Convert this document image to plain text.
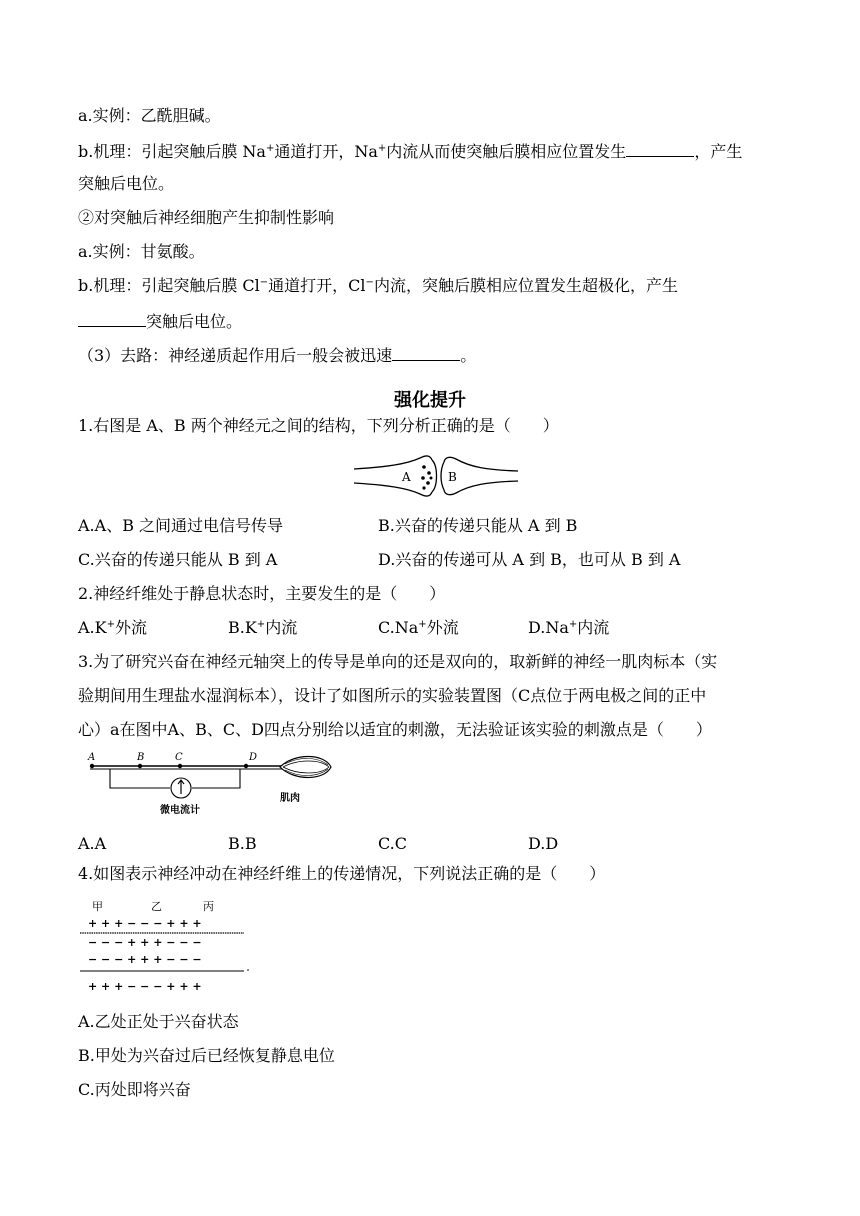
a.实例：乙酰胆碱。
b.机理：引起突触后膜 Na+通道打开，Na+内流从而使突触后膜相应位置发生	，产生
突触后电位。
②对突触后神经细胞产生抑制性影响
a.实例：甘氨酸。
b.机理：引起突触后膜 Cl−通道打开，Cl−内流，突触后膜相应位置发生超极化，产生
突触后电位。
（3）去路：神经递质起作用后一般会被迅速	。
强化提升
1.右图是 A、B 两个神经元之间的结构，下列分析正确的是（　　）
A	B
A.A、B 之间通过电信号传导	B.兴奋的传递只能从 A 到 B
C.兴奋的传递只能从 B 到 A	D.兴奋的传递可从 A 到 B，也可从 B 到 A
2.神经纤维处于静息状态时，主要发生的是（　　）
A.K+外流	B.K+内流	C.Na+外流	D.Na+内流
3.为了研究兴奋在神经元轴突上的传导是单向的还是双向的，取新鲜的神经一肌肉标本（实
验期间用生理盐水湿润标本），设计了如图所示的实验装置图（C点位于两电极之间的正中
心）a在图中A、B、C、D四点分别给以适宜的刺激，无法验证该实验的刺激点是（　　）
A	B	C	D
微电流计
肌肉
A.A	B.B	C.C	D.D
4.如图表示神经冲动在神经纤维上的传递情况，下列说法正确的是（　　）
甲	乙	丙
+ + + − − − + + +
− − − + + + − − −
− − − + + + − − −
+ + + − − − + + +
A.乙处正处于兴奋状态
B.甲处为兴奋过后已经恢复静息电位
C.丙处即将兴奋
